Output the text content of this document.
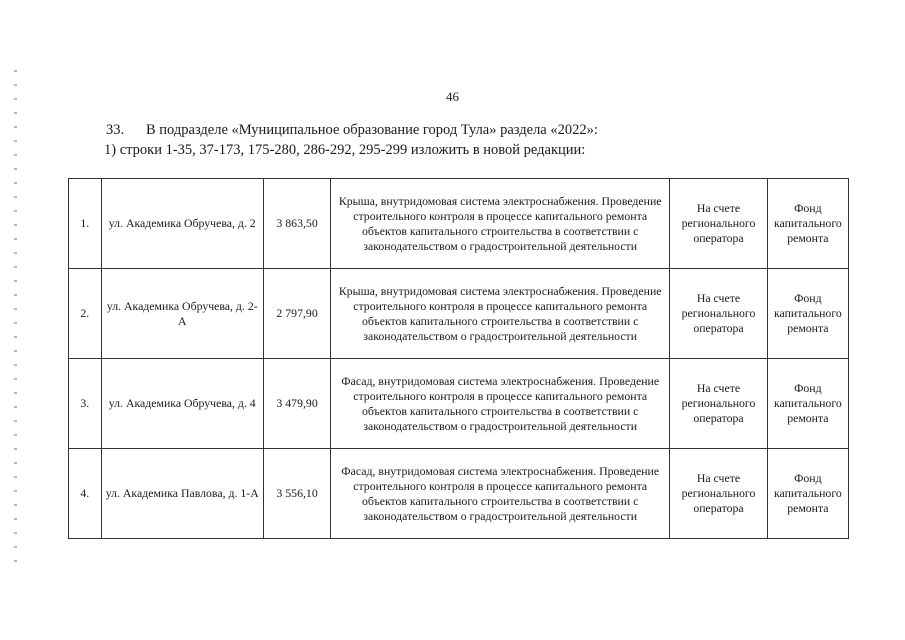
46
33. В подразделе «Муниципальное образование город Тула» раздела «2022»:
1) строки 1-35, 37-173, 175-280, 286-292, 295-299 изложить в новой редакции:
1.	ул. Академика Обручева, д. 2	3 863,50	Крыша, внутридомовая система электроснабжения. Проведение строительного контроля в процессе капитального ремонта объектов капитального строительства в соответствии с законодательством о градостроительной деятельности	На счете регионального оператора	Фонд капитального ремонта
2.	ул. Академика Обручева, д. 2-А	2 797,90	Крыша, внутридомовая система электроснабжения. Проведение строительного контроля в процессе капитального ремонта объектов капитального строительства в соответствии с законодательством о градостроительной деятельности	На счете регионального оператора	Фонд капитального ремонта
3.	ул. Академика Обручева, д. 4	3 479,90	Фасад, внутридомовая система электроснабжения. Проведение строительного контроля в процессе капитального ремонта объектов капитального строительства в соответствии с законодательством о градостроительной деятельности	На счете регионального оператора	Фонд капитального ремонта
4.	ул. Академика Павлова, д. 1-А	3 556,10	Фасад, внутридомовая система электроснабжения. Проведение строительного контроля в процессе капитального ремонта объектов капитального строительства в соответствии с законодательством о градостроительной деятельности	На счете регионального оператора	Фонд капитального ремонта
